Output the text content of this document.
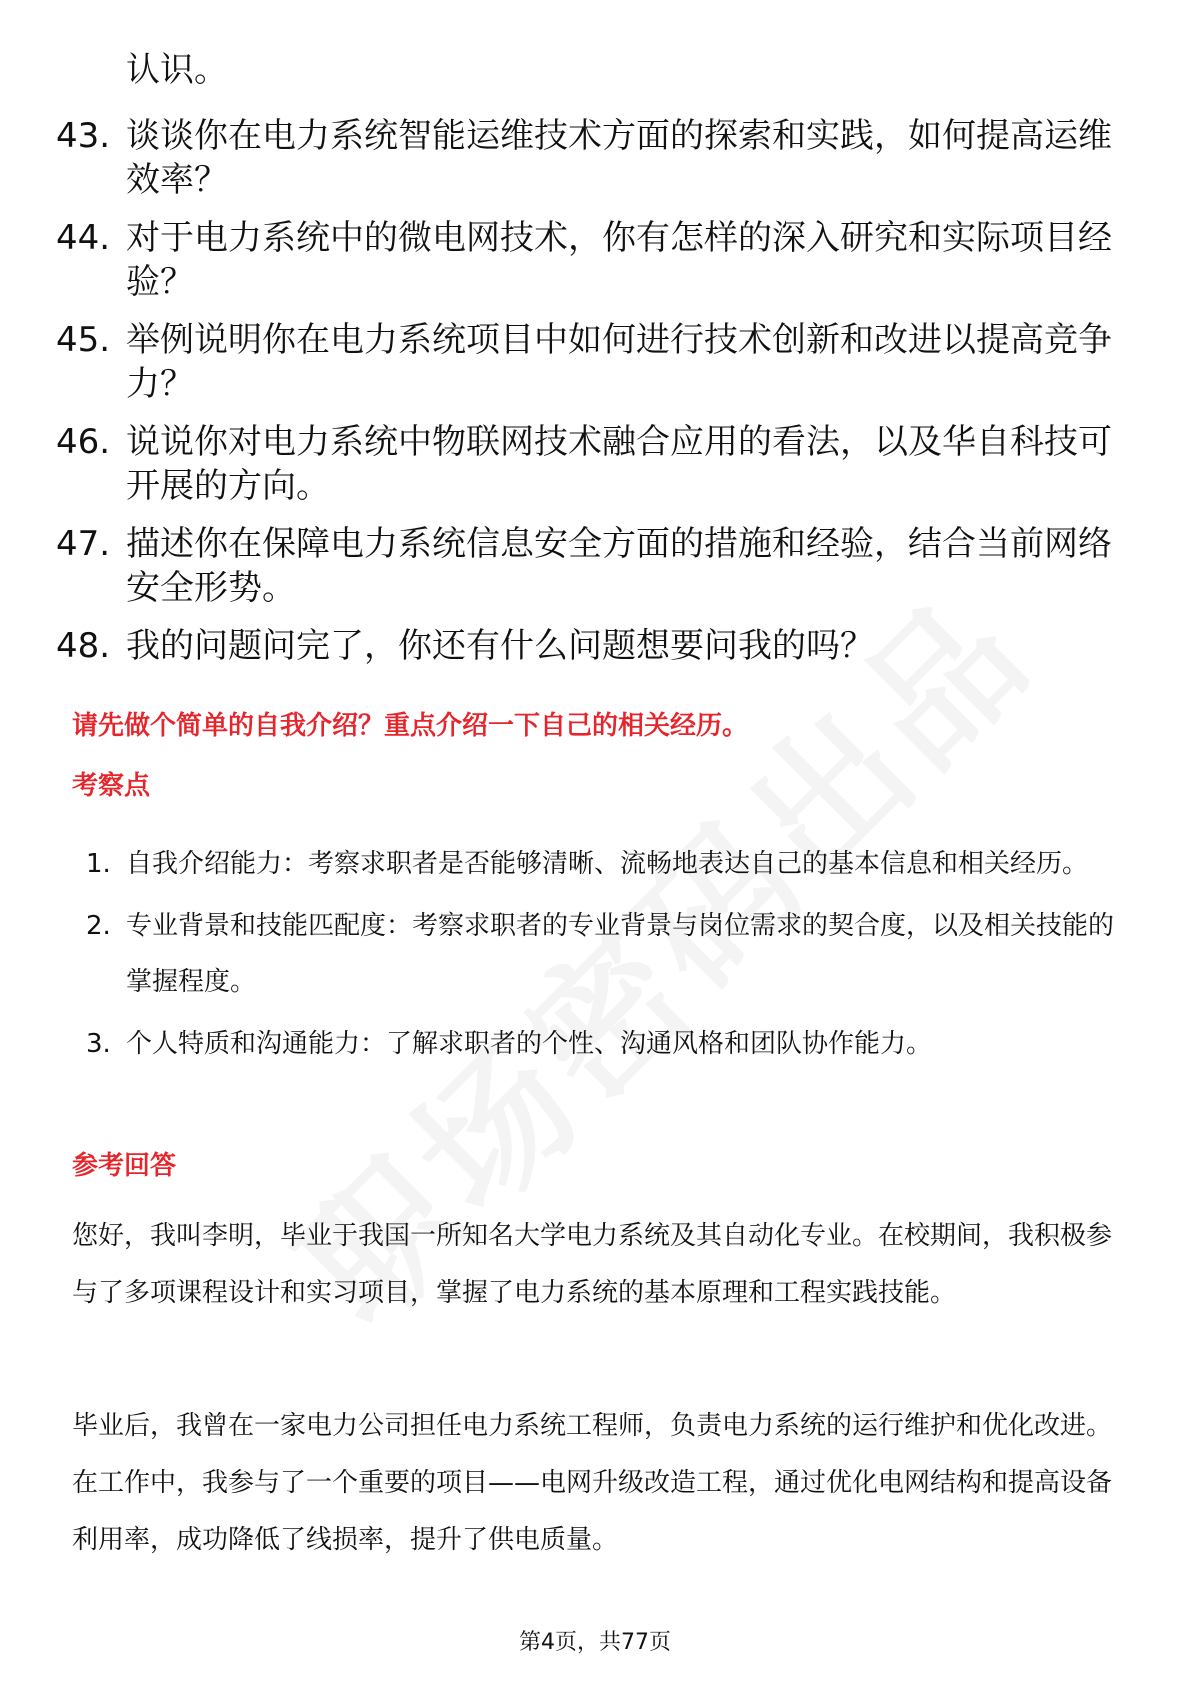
认识。
43. 谈谈你在电力系统智能运维技术方面的探索和实践，如何提高运维效率？
44. 对于电力系统中的微电网技术，你有怎样的深入研究和实际项目经验？
45. 举例说明你在电力系统项目中如何进行技术创新和改进以提高竞争力？
46. 说说你对电力系统中物联网技术融合应用的看法，以及华自科技可开展的方向。
47. 描述你在保障电力系统信息安全方面的措施和经验，结合当前网络安全形势。
48. 我的问题问完了，你还有什么问题想要问我的吗？
请先做个简单的自我介绍？重点介绍一下自己的相关经历。
考察点
1. 自我介绍能力：考察求职者是否能够清晰、流畅地表达自己的基本信息和相关经历。
2. 专业背景和技能匹配度：考察求职者的专业背景与岗位需求的契合度，以及相关技能的掌握程度。
3. 个人特质和沟通能力：了解求职者的个性、沟通风格和团队协作能力。
参考回答

您好，我叫李明，毕业于我国一所知名大学电力系统及其自动化专业。在校期间，我积极参与了多项课程设计和实习项目，掌握了电力系统的基本原理和工程实践技能。

毕业后，我曾在一家电力公司担任电力系统工程师，负责电力系统的运行维护和优化改进。在工作中，我参与了一个重要的项目——电网升级改造工程，通过优化电网结构和提高设备利用率，成功降低了线损率，提升了供电质量。

第4页，共77页
